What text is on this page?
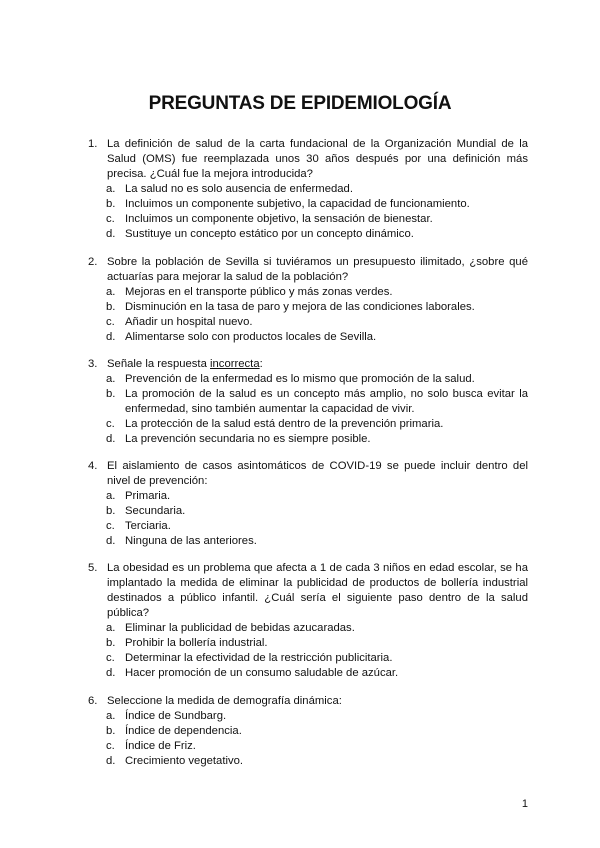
PREGUNTAS DE EPIDEMIOLOGÍA
1. La definición de salud de la carta fundacional de la Organización Mundial de la Salud (OMS) fue reemplazada unos 30 años después por una definición más precisa. ¿Cuál fue la mejora introducida?
a. La salud no es solo ausencia de enfermedad.
b. Incluimos un componente subjetivo, la capacidad de funcionamiento.
c. Incluimos un componente objetivo, la sensación de bienestar.
d. Sustituye un concepto estático por un concepto dinámico.
2. Sobre la población de Sevilla si tuviéramos un presupuesto ilimitado, ¿sobre qué actuarías para mejorar la salud de la población?
a. Mejoras en el transporte público y más zonas verdes.
b. Disminución en la tasa de paro y mejora de las condiciones laborales.
c. Añadir un hospital nuevo.
d. Alimentarse solo con productos locales de Sevilla.
3. Señale la respuesta incorrecta:
a. Prevención de la enfermedad es lo mismo que promoción de la salud.
b. La promoción de la salud es un concepto más amplio, no solo busca evitar la enfermedad, sino también aumentar la capacidad de vivir.
c. La protección de la salud está dentro de la prevención primaria.
d. La prevención secundaria no es siempre posible.
4. El aislamiento de casos asintomáticos de COVID-19 se puede incluir dentro del nivel de prevención:
a. Primaria.
b. Secundaria.
c. Terciaria.
d. Ninguna de las anteriores.
5. La obesidad es un problema que afecta a 1 de cada 3 niños en edad escolar, se ha implantado la medida de eliminar la publicidad de productos de bollería industrial destinados a público infantil. ¿Cuál sería el siguiente paso dentro de la salud pública?
a. Eliminar la publicidad de bebidas azucaradas.
b. Prohibir la bollería industrial.
c. Determinar la efectividad de la restricción publicitaria.
d. Hacer promoción de un consumo saludable de azúcar.
6. Seleccione la medida de demografía dinámica:
a. Índice de Sundbarg.
b. Índice de dependencia.
c. Índice de Friz.
d. Crecimiento vegetativo.
1
